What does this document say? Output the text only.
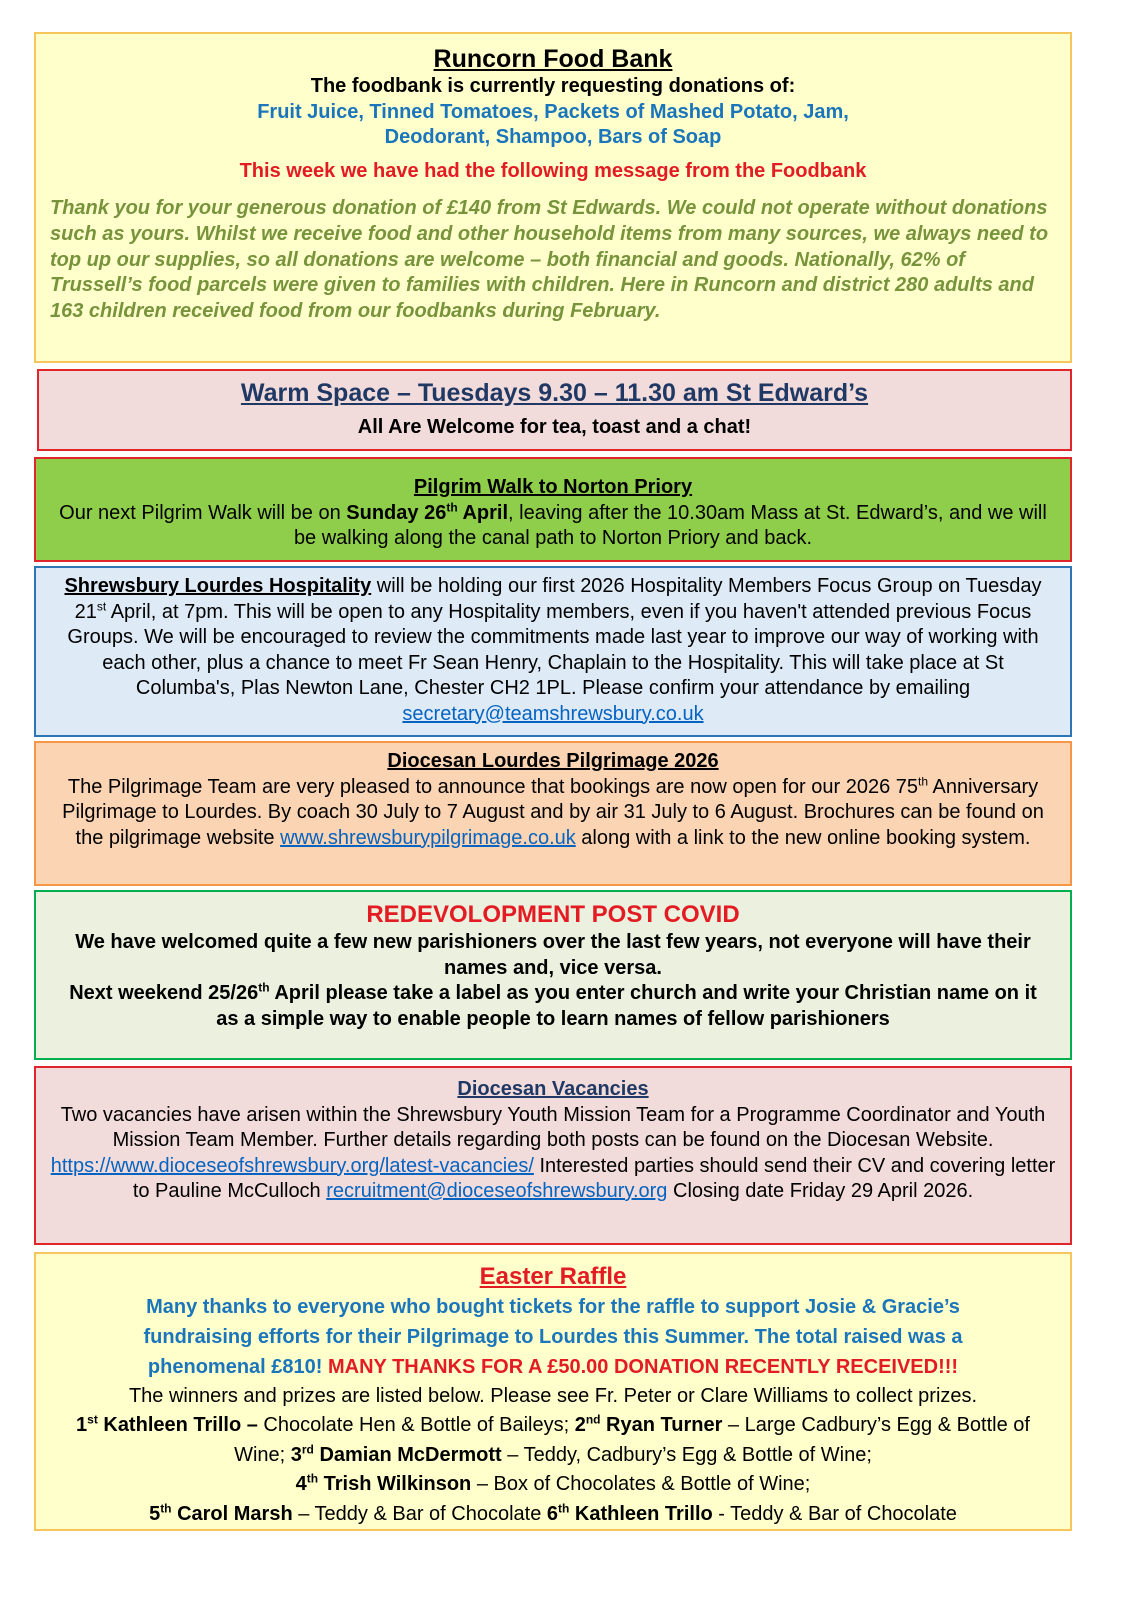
Runcorn Food Bank
The foodbank is currently requesting donations of:
Fruit Juice, Tinned Tomatoes, Packets of Mashed Potato, Jam,
Deodorant, Shampoo, Bars of Soap
This week we have had the following message from the Foodbank
Thank you for your generous donation of £140 from St Edwards. We could not operate without donations such as yours. Whilst we receive food and other household items from many sources, we always need to top up our supplies, so all donations are welcome – both financial and goods. Nationally, 62% of Trussell’s food parcels were given to families with children. Here in Runcorn and district 280 adults and 163 children received food from our foodbanks during February.
Warm Space – Tuesdays 9.30 – 11.30 am St Edward’s
All Are Welcome for tea, toast and a chat!
Pilgrim Walk to Norton Priory
Our next Pilgrim Walk will be on Sunday 26th April, leaving after the 10.30am Mass at St. Edward’s, and we will be walking along the canal path to Norton Priory and back.
Shrewsbury Lourdes Hospitality will be holding our first 2026 Hospitality Members Focus Group on Tuesday 21st April, at 7pm. This will be open to any Hospitality members, even if you haven't attended previous Focus Groups. We will be encouraged to review the commitments made last year to improve our way of working with each other, plus a chance to meet Fr Sean Henry, Chaplain to the Hospitality. This will take place at St Columba's, Plas Newton Lane, Chester CH2 1PL. Please confirm your attendance by emailing secretary@teamshrewsbury.co.uk
Diocesan Lourdes Pilgrimage 2026
The Pilgrimage Team are very pleased to announce that bookings are now open for our 2026 75th Anniversary Pilgrimage to Lourdes. By coach 30 July to 7 August and by air 31 July to 6 August. Brochures can be found on the pilgrimage website www.shrewsburypilgrimage.co.uk along with a link to the new online booking system.
REDEVOLOPMENT POST COVID
We have welcomed quite a few new parishioners over the last few years, not everyone will have their names and, vice versa.
Next weekend 25/26th April please take a label as you enter church and write your Christian name on it as a simple way to enable people to learn names of fellow parishioners
Diocesan Vacancies
Two vacancies have arisen within the Shrewsbury Youth Mission Team for a Programme Coordinator and Youth Mission Team Member. Further details regarding both posts can be found on the Diocesan Website. https://www.dioceseofshrewsbury.org/latest-vacancies/ Interested parties should send their CV and covering letter to Pauline McCulloch recruitment@dioceseofshrewsbury.org Closing date Friday 29 April 2026.
Easter Raffle
Many thanks to everyone who bought tickets for the raffle to support Josie & Gracie’s fundraising efforts for their Pilgrimage to Lourdes this Summer. The total raised was a phenomenal £810! MANY THANKS FOR A £50.00 DONATION RECENTLY RECEIVED!!!
The winners and prizes are listed below. Please see Fr. Peter or Clare Williams to collect prizes.
1st Kathleen Trillo – Chocolate Hen & Bottle of Baileys; 2nd Ryan Turner – Large Cadbury’s Egg & Bottle of Wine; 3rd Damian McDermott – Teddy, Cadbury’s Egg & Bottle of Wine;
4th Trish Wilkinson – Box of Chocolates & Bottle of Wine;
5th Carol Marsh – Teddy & Bar of Chocolate 6th Kathleen Trillo - Teddy & Bar of Chocolate
